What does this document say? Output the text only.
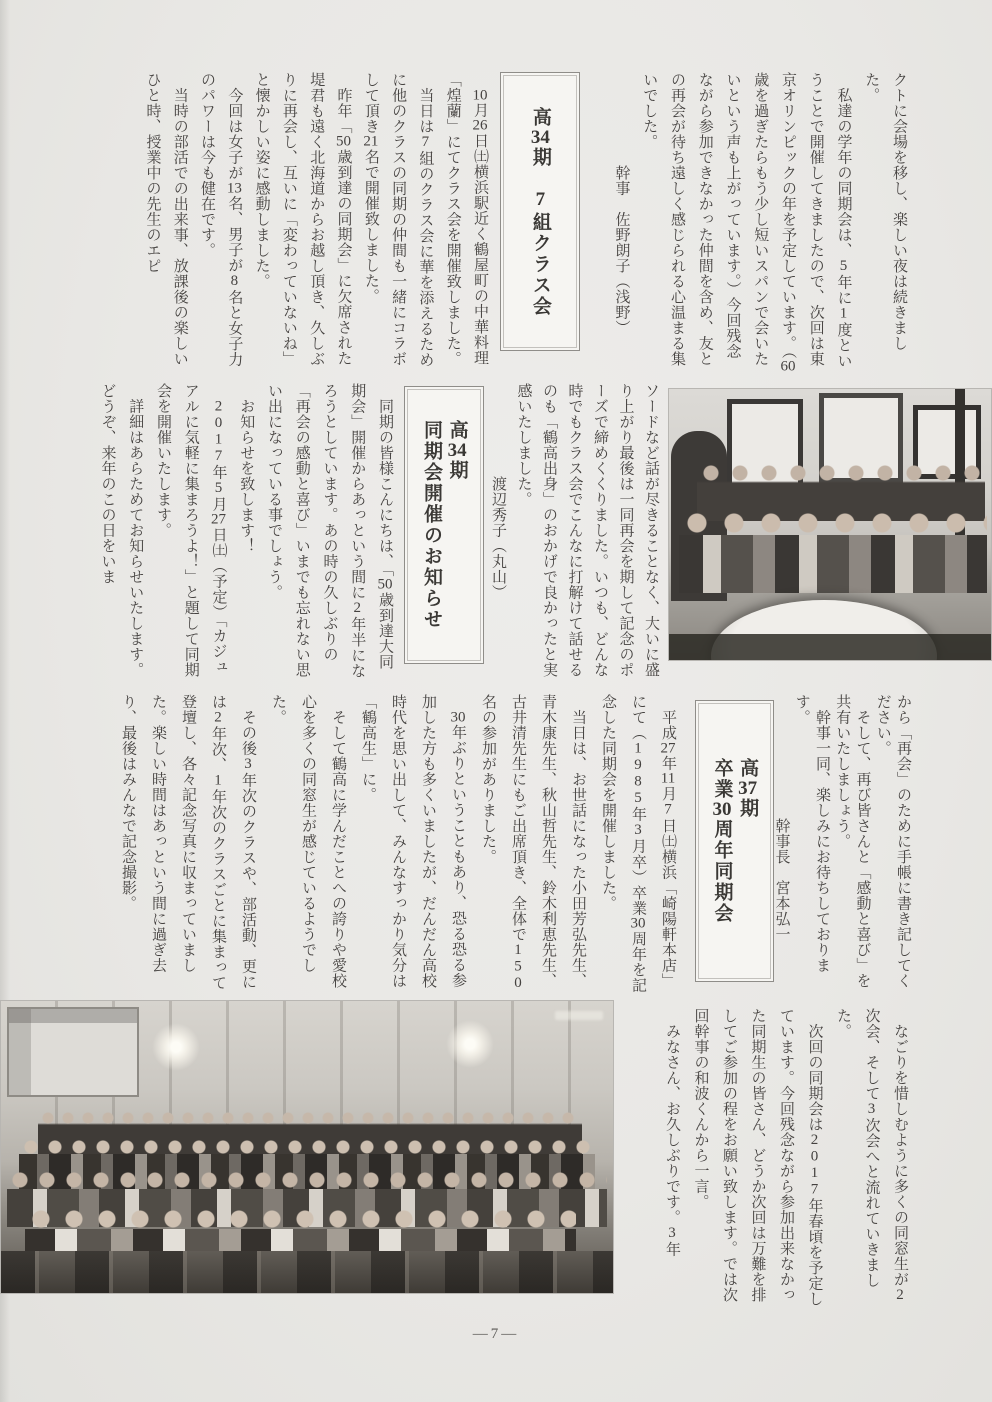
クトに会場を移し、楽しい夜は続きました。
　私達の学年の同期会は、5年に1度ということで開催してきましたので、次回は東京オリンピックの年を予定しています。（60歳を過ぎたらもう少し短いスパンで会いたいという声も上がっています。）今回残念ながら参加できなかった仲間を含め、友との再会が待ち遠しく感じられる心温まる集いでした。
　　　　　　幹事　佐野朗子（浅野）
高34期　7組クラス会
　10月26日㈯横浜駅近く鶴屋町の中華料理「煌蘭」にてクラス会を開催致しました。
　当日は7組のクラス会に華を添えるために他のクラスの同期の仲間も一緒にコラボして頂き21名で開催致しました。
　昨年「50歳到達の同期会」に欠席された堤君も遠く北海道からお越し頂き、久しぶりに再会し、互いに「変わっていないね」と懐かしい姿に感動しました。
　今回は女子が13名、男子が8名と女子力のパワーは今も健在です。
　当時の部活での出来事、放課後の楽しいひと時、授業中の先生のエピ
ソードなど話が尽きることなく、大いに盛り上がり最後は一同再会を期して記念のポーズで締めくくりました。いつも、どんな時でもクラス会でこんなに打解けて話せるのも「鶴高出身」のおかげで良かったと実感いたしました。
　　　　　　渡辺秀子（丸山）
高34期
同期会開催のお知らせ
　同期の皆様こんにちは、「50歳到達大同期会」開催からあっという間に2年半になろうとしています。あの時の久しぶりの「再会の感動と喜び」いまでも忘れない思い出になっている事でしょう。
　お知らせを致します！
　2017年5月27日㈯（予定）「カジュアルに気軽に集まろうよ！」と題して同期会を開催いたします。
　詳細はあらためてお知らせいたします。どうぞ、来年のこの日をいま
から「再会」のために手帳に書き記してください。
　そして、再び皆さんと「感動と喜び」を共有いたしましょう。
　幹事一同、楽しみにお待ちしております。
　　　　　　　　幹事長　宮本弘一
高37期
卒業30周年同期会
　平成27年11月7日㈯横浜「崎陽軒本店」にて（1985年3月卒）卒業30周年を記念した同期会を開催しました。
　当日は、お世話になった小田芳弘先生、青木康先生、秋山哲先生、鈴木利恵先生、古井清先生にもご出席頂き、全体で150名の参加がありました。
　30年ぶりということもあり、恐る恐る参加した方も多くいましたが、だんだん高校時代を思い出して、みんなすっかり気分は「鶴高生」に。
　そして鶴高に学んだことへの誇りや愛校心を多くの同窓生が感じているようでした。
　その後3年次のクラスや、部活動、更には2年次、1年次のクラスごとに集まって登壇し、各々記念写真に収まっていました。楽しい時間はあっという間に過ぎ去り、最後はみんなで記念撮影。
　なごりを惜しむように多くの同窓生が2次会、そして3次会へと流れていきました。
　次回の同期会は2017年春頃を予定しています。今回残念ながら参加出来なかった同期生の皆さん、どうか次回は万難を排してご参加の程をお願い致します。では次回幹事の和波くんから一言。
　みなさん、お久しぶりです。3年
―7―
